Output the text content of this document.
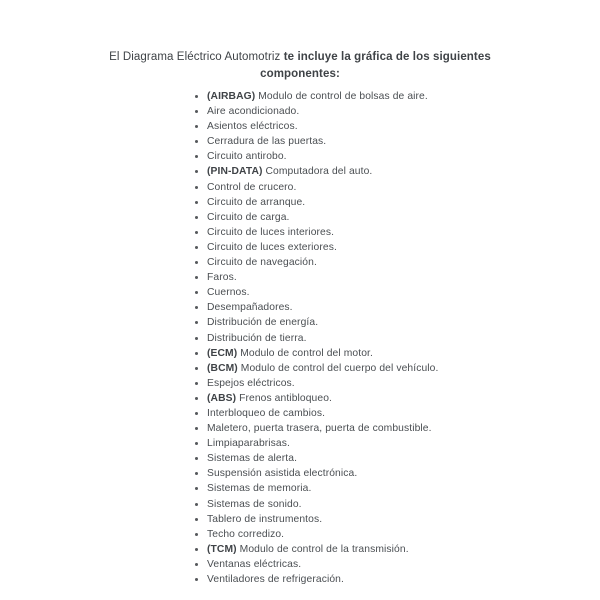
El Diagrama Eléctrico Automotriz te incluye la gráfica de los siguientes
componentes:

(AIRBAG) Modulo de control de bolsas de aire.
Aire acondicionado.
Asientos eléctricos.
Cerradura de las puertas.
Circuito antirobo.
(PIN-DATA) Computadora del auto.
Control de crucero.
Circuito de arranque.
Circuito de carga.
Circuito de luces interiores.
Circuito de luces exteriores.
Circuito de navegación.
Faros.
Cuernos.
Desempañadores.
Distribución de energía.
Distribución de tierra.
(ECM) Modulo de control del motor.
(BCM) Modulo de control del cuerpo del vehículo.
Espejos eléctricos.
(ABS) Frenos antibloqueo.
Interbloqueo de cambios.
Maletero, puerta trasera, puerta de combustible.
Limpiaparabrisas.
Sistemas de alerta.
Suspensión asistida electrónica.
Sistemas de memoria.
Sistemas de sonido.
Tablero de instrumentos.
Techo corredizo.
(TCM) Modulo de control de la transmisión.
Ventanas eléctricas.
Ventiladores de refrigeración.
